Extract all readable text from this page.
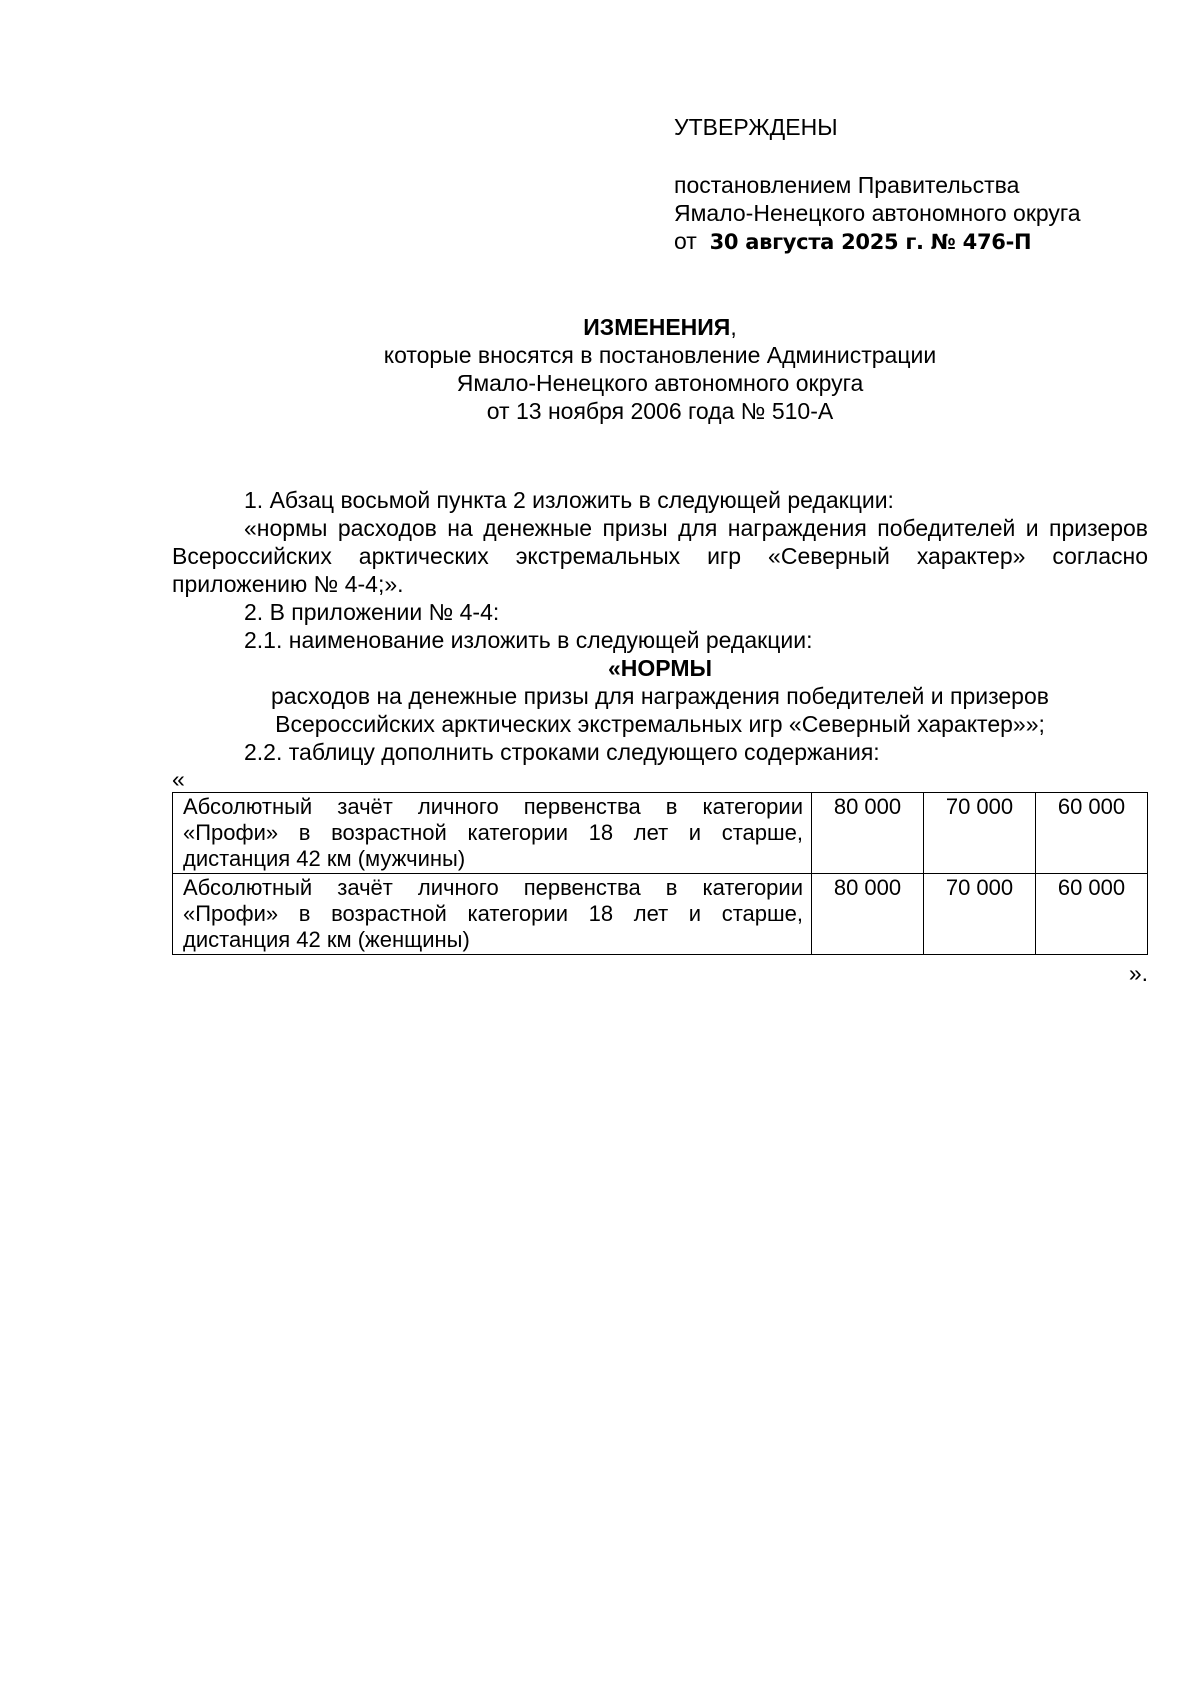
УТВЕРЖДЕНЫ

постановлением Правительства

Ямало-Ненецкого автономного округа

от 30 августа 2025 г. № 476-П

ИЗМЕНЕНИЯ,

которые вносятся в постановление Администрации

Ямало-Ненецкого автономного округа

от 13 ноября 2006 года № 510-А

1. Абзац восьмой пункта 2 изложить в следующей редакции:

«нормы расходов на денежные призы для награждения победителей и призеров Всероссийских арктических экстремальных игр «Северный характер» согласно приложению № 4-4;».

2. В приложении № 4-4:

2.1. наименование изложить в следующей редакции:

«НОРМЫ

расходов на денежные призы для награждения победителей и призеров

Всероссийских арктических экстремальных игр «Северный характер»»;

2.2. таблицу дополнить строками следующего содержания:

«

Абсолютный зачёт личного первенства в категории «Профи» в возрастной категории 18 лет и старше, дистанция 42 км (мужчины)	80 000	70 000	60 000
Абсолютный зачёт личного первенства в категории «Профи» в возрастной категории 18 лет и старше, дистанция 42 км (женщины)	80 000	70 000	60 000

».
